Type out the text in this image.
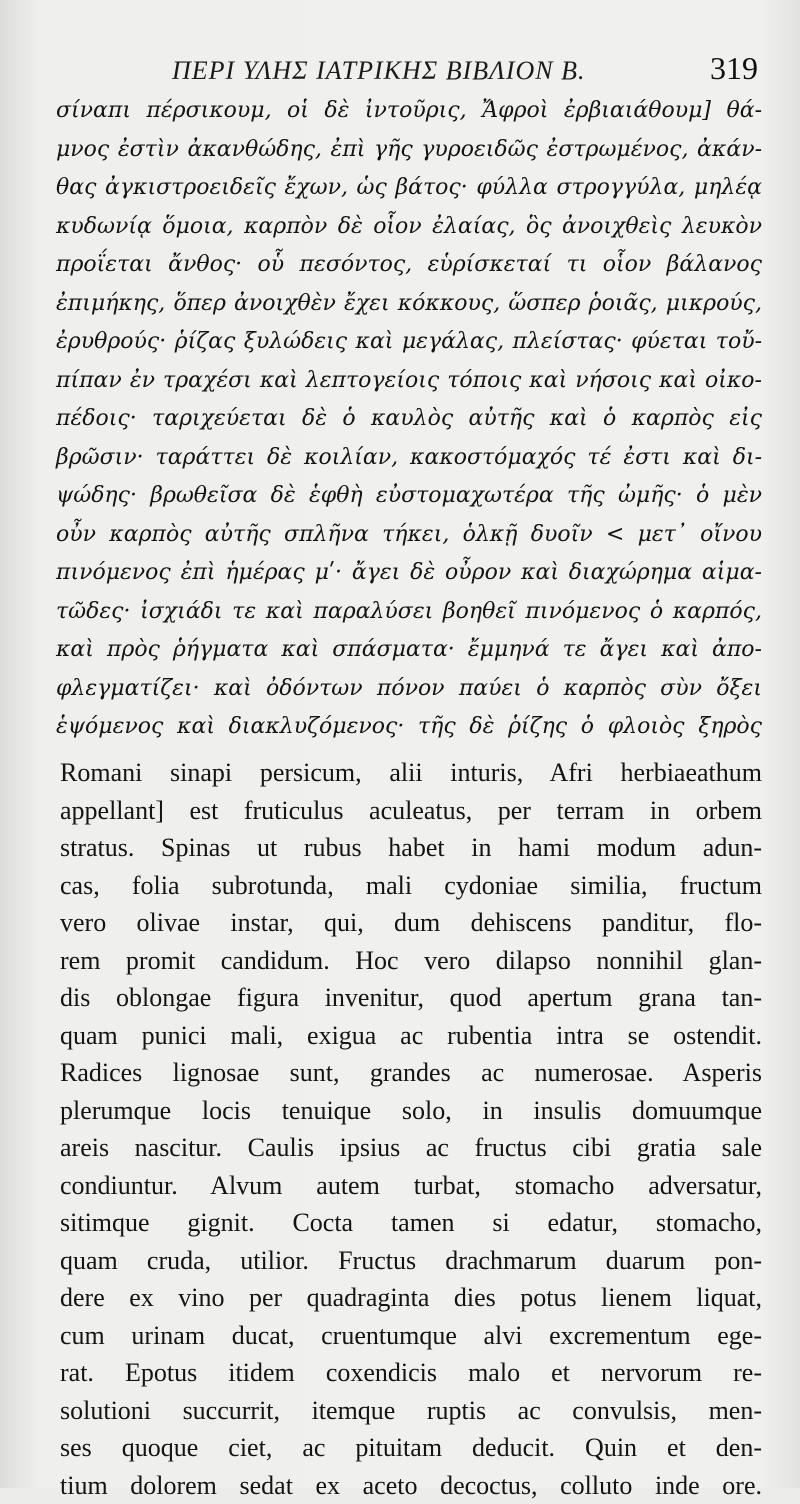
ΠΕΡΙ ΥΛΗΣ ΙΑΤΡΙΚΗΣ ΒΙΒΛΙΟΝ Β.	319
σίναπι πέρσικουμ, οἱ δὲ ἰντοῦρις, Ἄφροὶ ἐρβιαιάθουμ] θά-
μνος ἐστὶν ἀκανθώδης, ἐπὶ γῆς γυροειδῶς ἐστρωμένος, ἀκάν-
θας ἀγκιστροειδεῖς ἔχων, ὡς βάτος· φύλλα στρογγύλα, μηλέᾳ
κυδωνίᾳ ὅμοια, καρπὸν δὲ οἷον ἐλαίας, ὃς ἀνοιχθεὶς λευκὸν
προΐεται ἄνθος· οὗ πεσόντος, εὑρίσκεταί τι οἷον βάλανος
ἐπιμήκης, ὅπερ ἀνοιχθὲν ἔχει κόκκους, ὥσπερ ῥοιᾶς, μικρούς,
ἐρυθρούς· ῥίζας ξυλώδεις καὶ μεγάλας, πλείστας· φύεται τοὔ-
πίπαν ἐν τραχέσι καὶ λεπτογείοις τόποις καὶ νήσοις καὶ οἰκο-
πέδοις· ταριχεύεται δὲ ὁ καυλὸς αὐτῆς καὶ ὁ καρπὸς εἰς
βρῶσιν· ταράττει δὲ κοιλίαν, κακοστόμαχός τέ ἐστι καὶ δι-
ψώδης· βρωθεῖσα δὲ ἑφθὴ εὐστομαχωτέρα τῆς ὠμῆς· ὁ μὲν
οὖν καρπὸς αὐτῆς σπλῆνα τήκει, ὁλκῇ δυοῖν < μετ᾽ οἴνου
πινόμενος ἐπὶ ἡμέρας μʹ· ἄγει δὲ οὖρον καὶ διαχώρημα αἱμα-
τῶδες· ἰσχιάδι τε καὶ παραλύσει βοηθεῖ πινόμενος ὁ καρπός,
καὶ πρὸς ῥήγματα καὶ σπάσματα· ἔμμηνά τε ἄγει καὶ ἀπο-
φλεγματίζει· καὶ ὀδόντων πόνον παύει ὁ καρπὸς σὺν ὄξει
ἑψόμενος καὶ διακλυζόμενος· τῆς δὲ ῥίζης ὁ φλοιὸς ξηρὸς
Romani sinapi persicum, alii inturis, Afri herbiaeathum
appellant] est fruticulus aculeatus, per terram in orbem
stratus. Spinas ut rubus habet in hami modum adun-
cas, folia subrotunda, mali cydoniae similia, fructum
vero olivae instar, qui, dum dehiscens panditur, flo-
rem promit candidum. Hoc vero dilapso nonnihil glan-
dis oblongae figura invenitur, quod apertum grana tan-
quam punici mali, exigua ac rubentia intra se ostendit.
Radices lignosae sunt, grandes ac numerosae. Asperis
plerumque locis tenuique solo, in insulis domuumque
areis nascitur. Caulis ipsius ac fructus cibi gratia sale
condiuntur. Alvum autem turbat, stomacho adversatur,
sitimque gignit. Cocta tamen si edatur, stomacho,
quam cruda, utilior. Fructus drachmarum duarum pon-
dere ex vino per quadraginta dies potus lienem liquat,
cum urinam ducat, cruentumque alvi excrementum ege-
rat. Epotus itidem coxendicis malo et nervorum re-
solutioni succurrit, itemque ruptis ac convulsis, men-
ses quoque ciet, ac pituitam deducit. Quin et den-
tium dolorem sedat ex aceto decoctus, colluto inde ore.
